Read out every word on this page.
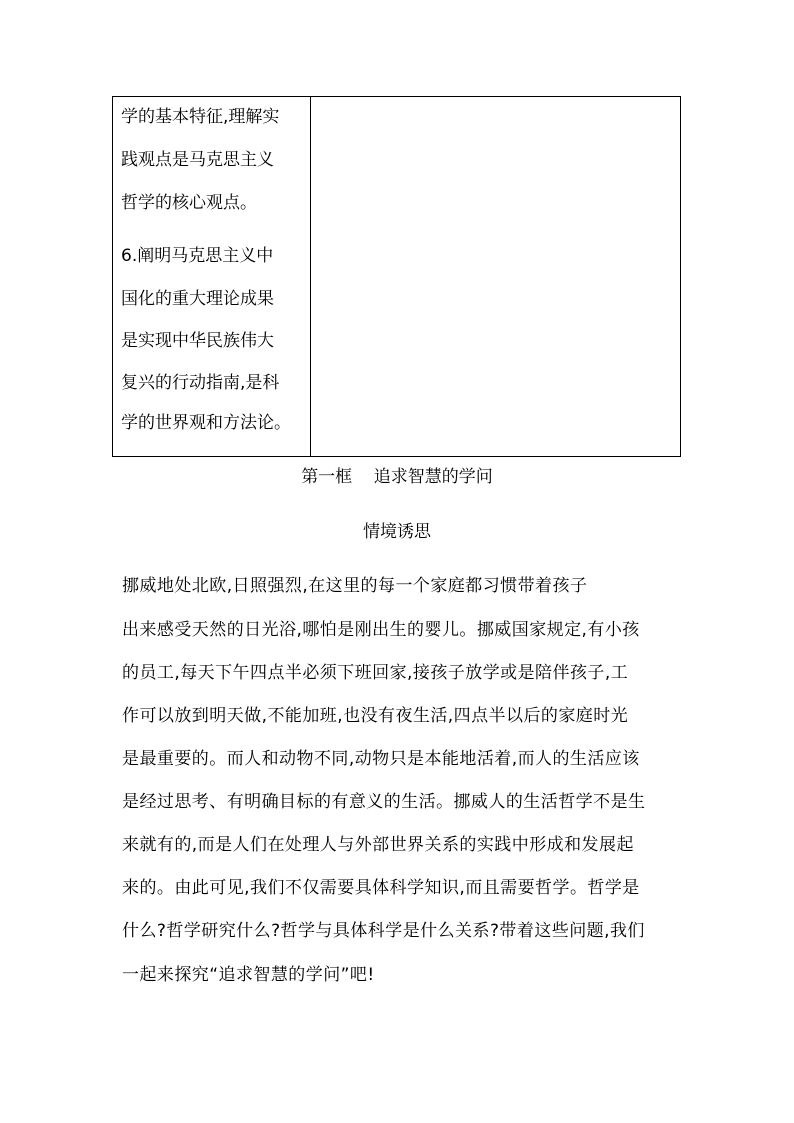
学的基本特征,理解实
践观点是马克思主义
哲学的核心观点。
6.阐明马克思主义中
国化的重大理论成果
是实现中华民族伟大
复兴的行动指南,是科
学的世界观和方法论。
第一框    追求智慧的学问
情境诱思
挪威地处北欧,日照强烈,在这里的每一个家庭都习惯带着孩子
出来感受天然的日光浴,哪怕是刚出生的婴儿。挪威国家规定,有小孩
的员工,每天下午四点半必须下班回家,接孩子放学或是陪伴孩子,工
作可以放到明天做,不能加班,也没有夜生活,四点半以后的家庭时光
是最重要的。而人和动物不同,动物只是本能地活着,而人的生活应该
是经过思考、有明确目标的有意义的生活。挪威人的生活哲学不是生
来就有的,而是人们在处理人与外部世界关系的实践中形成和发展起
来的。由此可见,我们不仅需要具体科学知识,而且需要哲学。哲学是
什么?哲学研究什么?哲学与具体科学是什么关系?带着这些问题,我们
一起来探究“追求智慧的学问”吧!
